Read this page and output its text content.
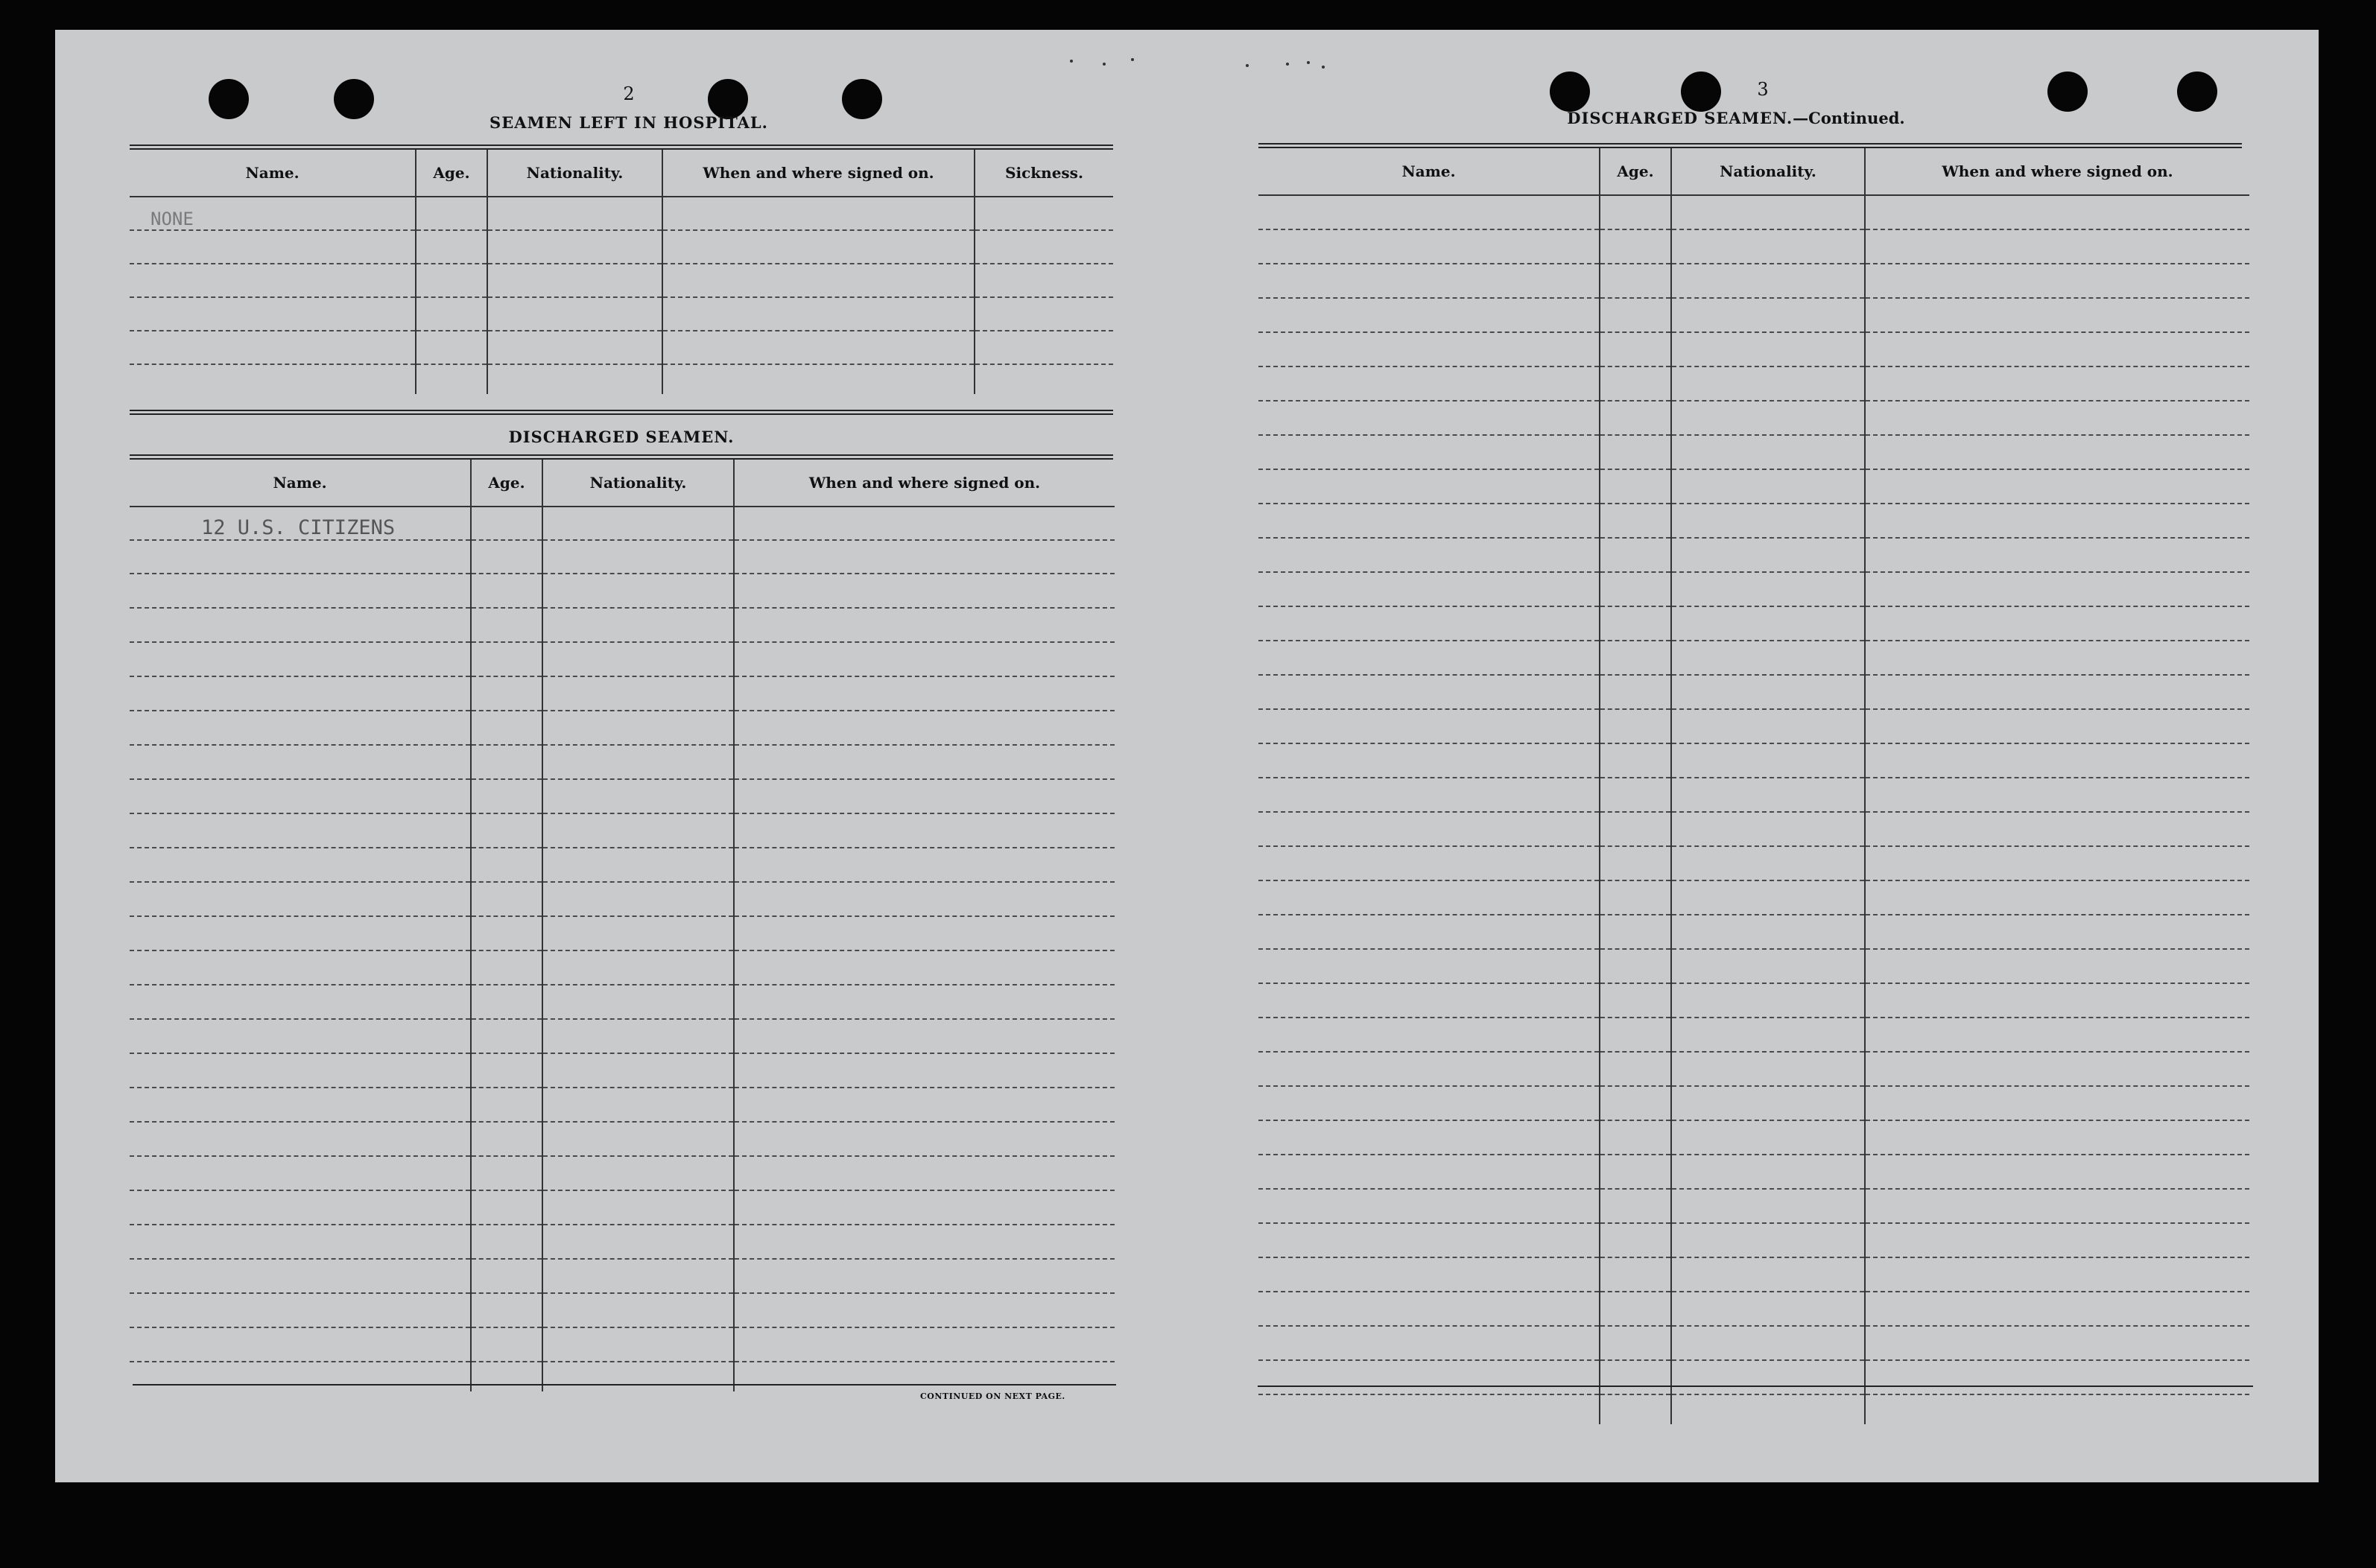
2
SEAMEN LEFT IN HOSPITAL.
Name.	Age.	Nationality.	When and where signed on.	Sickness.
NONE				

DISCHARGED SEAMEN.
Name.	Age.	Nationality.	When and where signed on.
12 U.S. CITIZENS			

CONTINUED ON NEXT PAGE.
3
DISCHARGED SEAMEN.—Continued.
Name.	Age.	Nationality.	When and where signed on.
